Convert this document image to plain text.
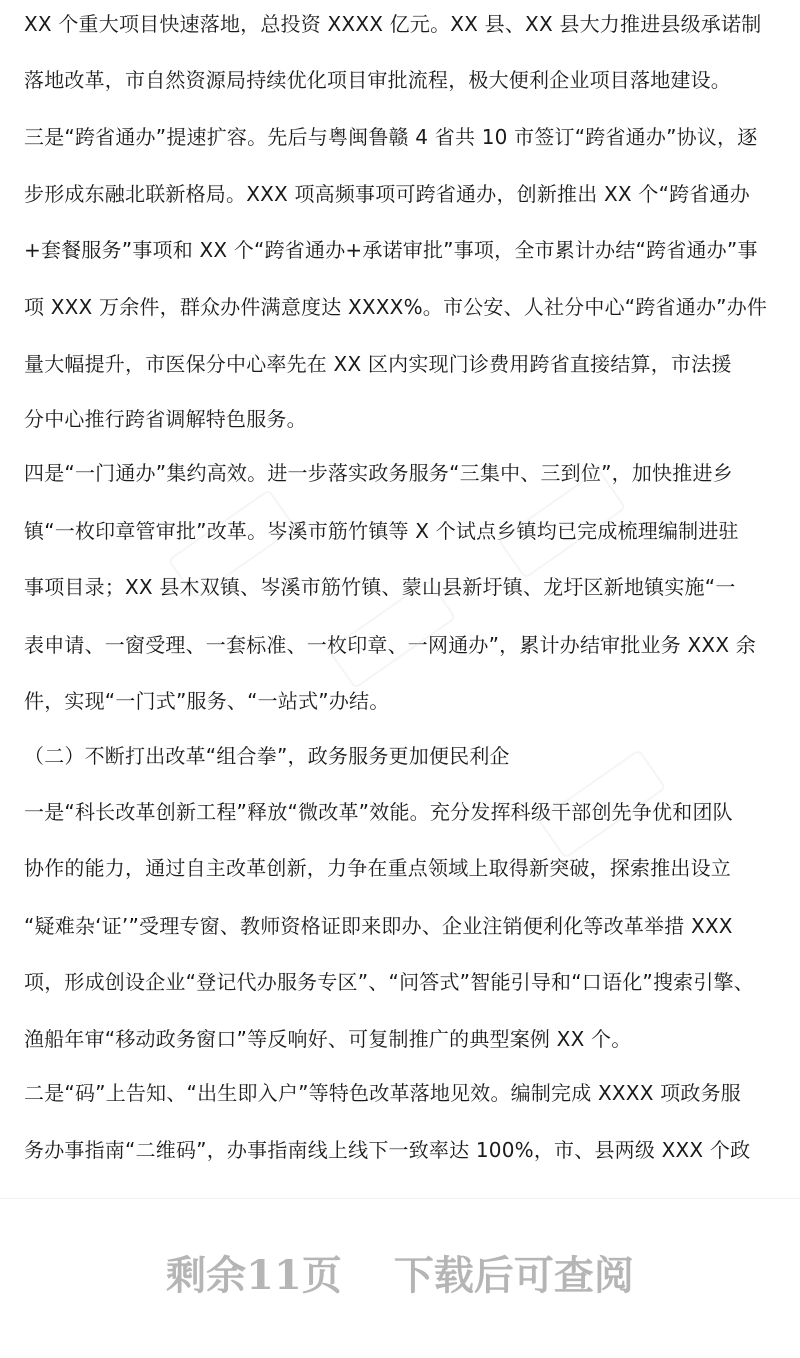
XX 个重大项目快速落地，总投资 XXXX 亿元。XX 县、XX 县大力推进县级承诺制
落地改革，市自然资源局持续优化项目审批流程，极大便利企业项目落地建设。
三是“跨省通办”提速扩容。先后与粤闽鲁赣 4 省共 10 市签订“跨省通办”协议，逐
步形成东融北联新格局。XXX 项高频事项可跨省通办，创新推出 XX 个“跨省通办
+套餐服务”事项和 XX 个“跨省通办+承诺审批”事项，全市累计办结“跨省通办”事
项 XXX 万余件，群众办件满意度达 XXXX%。市公安、人社分中心“跨省通办”办件
量大幅提升，市医保分中心率先在 XX 区内实现门诊费用跨省直接结算，市法援
分中心推行跨省调解特色服务。
四是“一门通办”集约高效。进一步落实政务服务“三集中、三到位”，加快推进乡
镇“一枚印章管审批”改革。岑溪市筋竹镇等 X 个试点乡镇均已完成梳理编制进驻
事项目录；XX 县木双镇、岑溪市筋竹镇、蒙山县新圩镇、龙圩区新地镇实施“一
表申请、一窗受理、一套标准、一枚印章、一网通办”，累计办结审批业务 XXX 余
件，实现“一门式”服务、“一站式”办结。
（二）不断打出改革“组合拳”，政务服务更加便民利企
一是“科长改革创新工程”释放“微改革”效能。充分发挥科级干部创先争优和团队
协作的能力，通过自主改革创新，力争在重点领域上取得新突破，探索推出设立
“疑难杂‘证’”受理专窗、教师资格证即来即办、企业注销便利化等改革举措 XXX
项，形成创设企业“登记代办服务专区”、“问答式”智能引导和“口语化”搜索引擎、
渔船年审“移动政务窗口”等反响好、可复制推广的典型案例 XX 个。
二是“码”上告知、“出生即入户”等特色改革落地见效。编制完成 XXXX 项政务服
务办事指南“二维码”，办事指南线上线下一致率达 100%，市、县两级 XXX 个政
剩余11页 下载后可查阅
